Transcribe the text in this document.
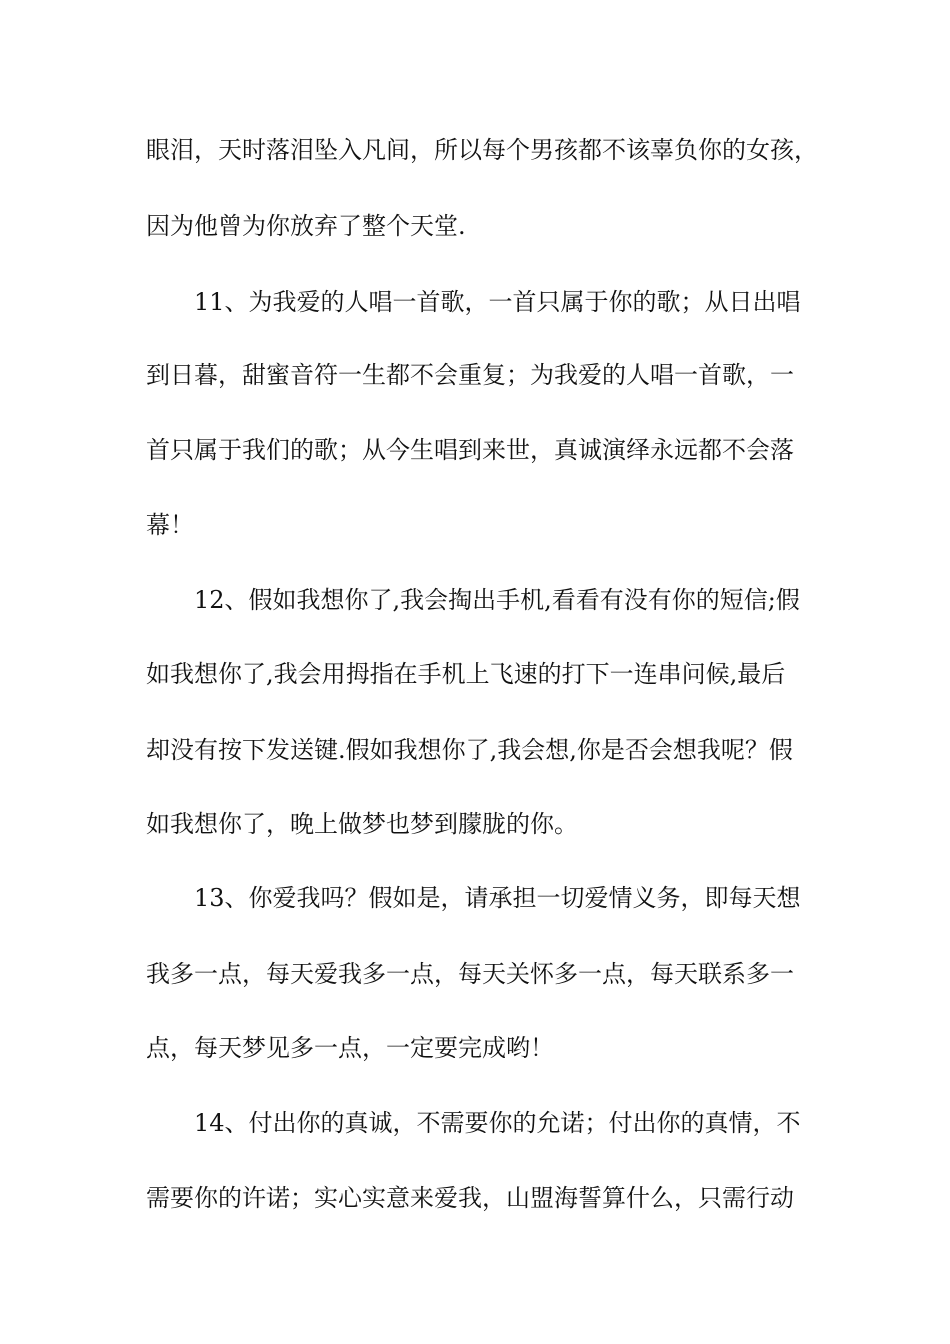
眼泪，天时落泪坠入凡间，所以每个男孩都不该辜负你的女孩，
因为他曾为你放弃了整个天堂.
11、为我爱的人唱一首歌，一首只属于你的歌；从日出唱
到日暮，甜蜜音符一生都不会重复；为我爱的人唱一首歌，一
首只属于我们的歌；从今生唱到来世，真诚演绎永远都不会落
幕！
12、假如我想你了,我会掏出手机,看看有没有你的短信;假
如我想你了,我会用拇指在手机上飞速的打下一连串问候,最后
却没有按下发送键.假如我想你了,我会想,你是否会想我呢？假
如我想你了，晚上做梦也梦到朦胧的你。
13、你爱我吗？假如是，请承担一切爱情义务，即每天想
我多一点，每天爱我多一点，每天关怀多一点，每天联系多一
点，每天梦见多一点，一定要完成哟！
14、付出你的真诚，不需要你的允诺；付出你的真情，不
需要你的许诺；实心实意来爱我，山盟海誓算什么，只需行动
